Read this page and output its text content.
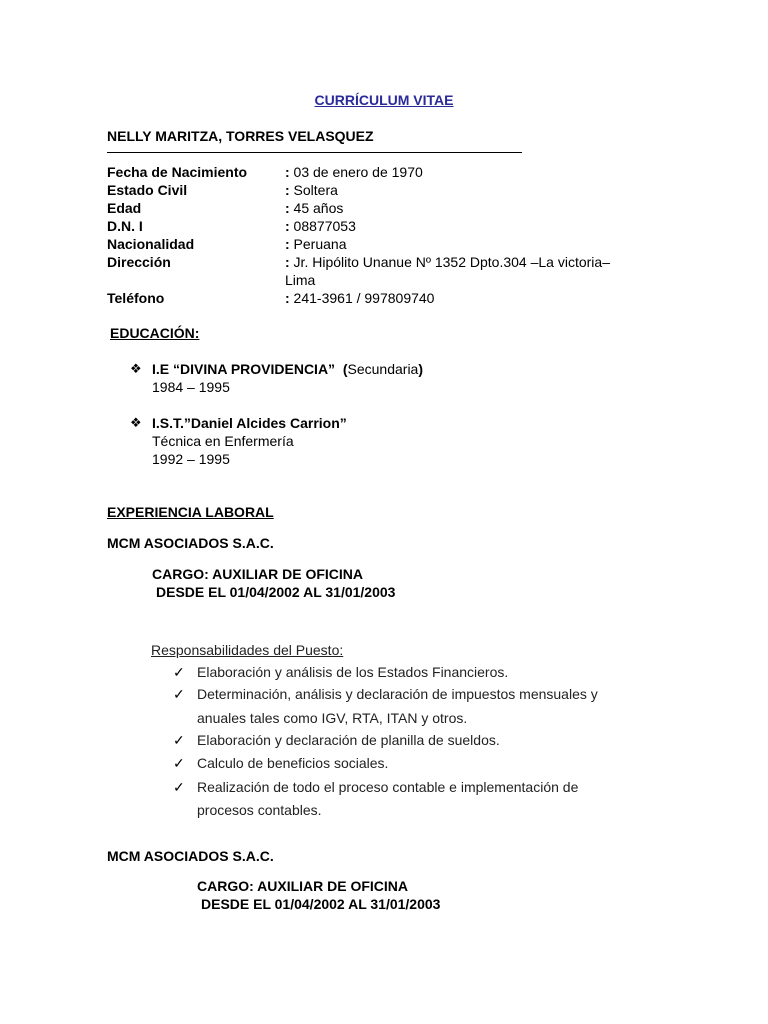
CURRÍCULUM VITAE
NELLY MARITZA, TORRES VELASQUEZ
Fecha de Nacimiento	: 03 de enero de 1970
Estado Civil	: Soltera
Edad	: 45 años
D.N. I	: 08877053
Nacionalidad	: Peruana
Dirección	: Jr. Hipólito Unanue Nº 1352 Dpto.304 –La victoria–
Lima
Teléfono	: 241-3961 / 997809740
EDUCACIÓN:
❖ I.E “DIVINA PROVIDENCIA” (Secundaria)
1984 – 1995
❖ I.S.T.”Daniel Alcides Carrion”
Técnica en Enfermería
1992 – 1995
EXPERIENCIA LABORAL
MCM ASOCIADOS S.A.C.
CARGO: AUXILIAR DE OFICINA
DESDE EL 01/04/2002 AL 31/01/2003
Responsabilidades del Puesto:
✓ Elaboración y análisis de los Estados Financieros.
✓ Determinación, análisis y declaración de impuestos mensuales y
anuales tales como IGV, RTA, ITAN y otros.
✓ Elaboración y declaración de planilla de sueldos.
✓ Calculo de beneficios sociales.
✓ Realización de todo el proceso contable e implementación de
procesos contables.
MCM ASOCIADOS S.A.C.
CARGO: AUXILIAR DE OFICINA
DESDE EL 01/04/2002 AL 31/01/2003
